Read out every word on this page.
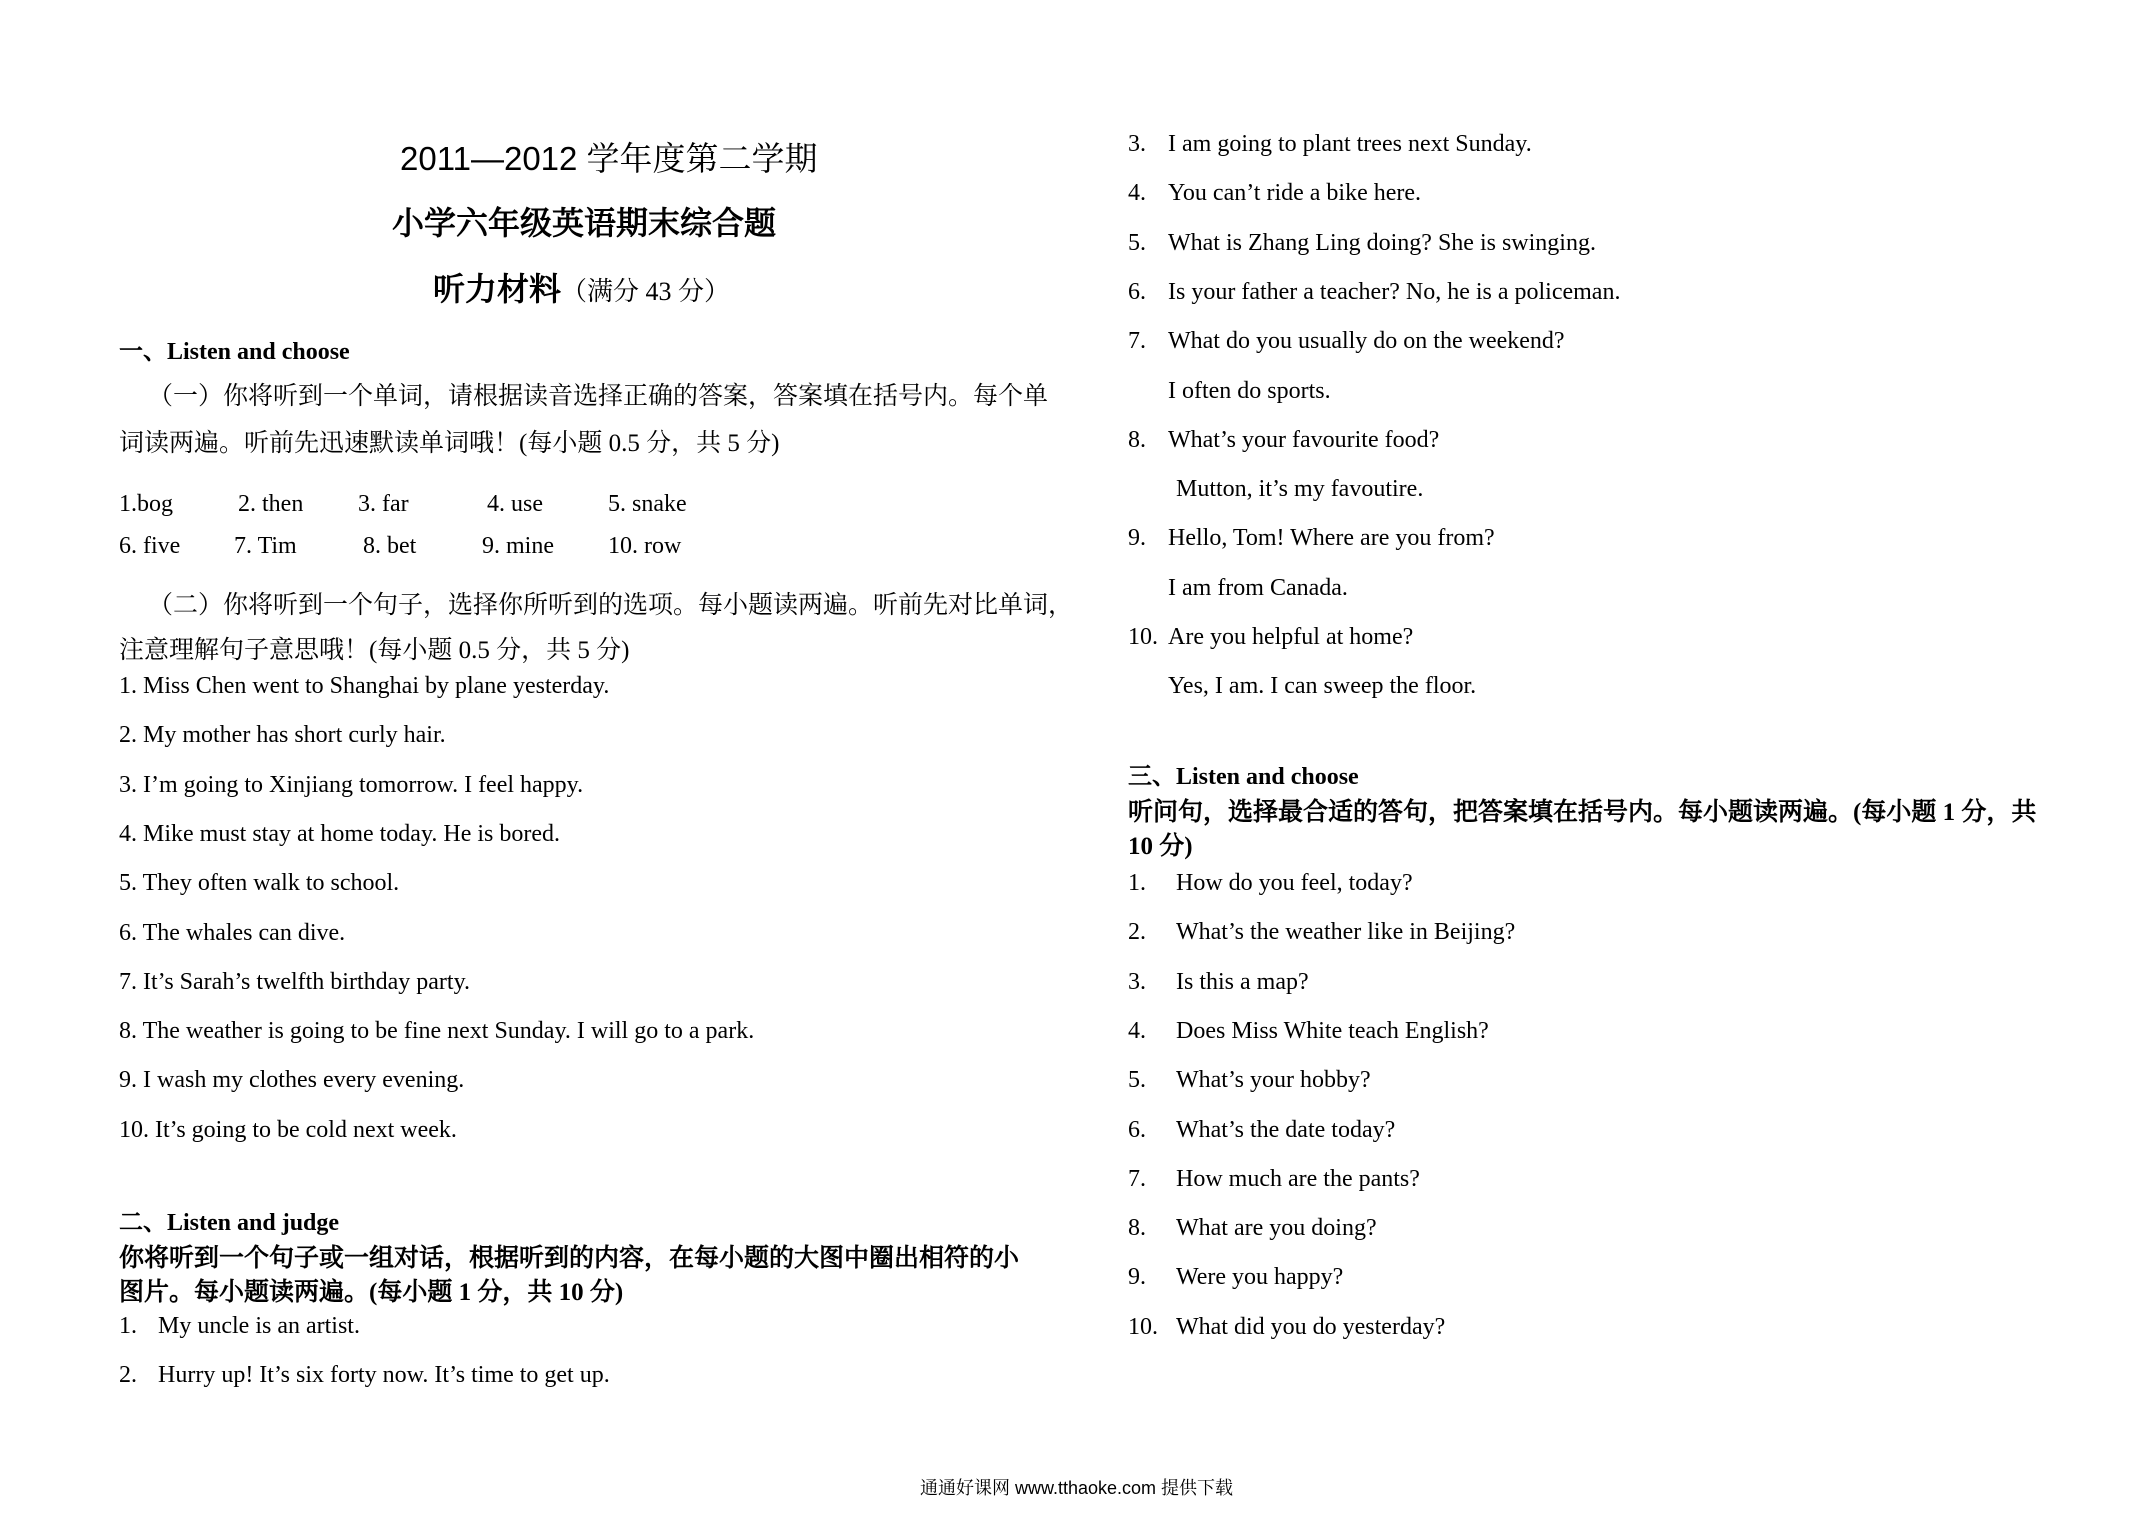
2011—2012 学年度第二学期
小学六年级英语期末综合题
听力材料（满分 43 分）
一、Listen and choose
（一）你将听到一个单词，请根据读音选择正确的答案，答案填在括号内。每个单
词读两遍。听前先迅速默读单词哦！(每小题 0.5 分，共 5 分)
1.bog	2. then 3. far	4. use	5. snake
6. five 7. Tim	8. bet	9. mine 10. row
（二）你将听到一个句子，选择你所听到的选项。每小题读两遍。听前先对比单词，
注意理解句子意思哦！(每小题 0.5 分，共 5 分)
1. Miss Chen went to Shanghai by plane yesterday.
2. My mother has short curly hair.
3. I’m going to Xinjiang tomorrow. I feel happy.
4. Mike must stay at home today. He is bored.
5. They often walk to school.
6. The whales can dive.
7. It’s Sarah’s twelfth birthday party.
8. The weather is going to be fine next Sunday. I will go to a park.
9. I wash my clothes every evening.
10. It’s going to be cold next week.
二、Listen and judge
你将听到一个句子或一组对话，根据听到的内容，在每小题的大图中圈出相符的小
图片。每小题读两遍。(每小题 1 分，共 10 分)
1. My uncle is an artist.
2. Hurry up! It’s six forty now. It’s time to get up.
3. I am going to plant trees next Sunday.
4. You can’t ride a bike here.
5. What is Zhang Ling doing? She is swinging.
6. Is your father a teacher? No, he is a policeman.
7. What do you usually do on the weekend?
I often do sports.
8. What’s your favourite food?
Mutton, it’s my favoutire.
9. Hello, Tom! Where are you from?
I am from Canada.
10. Are you helpful at home?
Yes, I am. I can sweep the floor.
三、Listen and choose
听问句，选择最合适的答句，把答案填在括号内。每小题读两遍。(每小题 1 分，共
10 分)
1. How do you feel, today?
2. What’s the weather like in Beijing?
3. Is this a map?
4. Does Miss White teach English?
5. What’s your hobby?
6. What’s the date today?
7. How much are the pants?
8. What are you doing?
9. Were you happy?
10. What did you do yesterday?
通通好课网 www.tthaoke.com 提供下载
